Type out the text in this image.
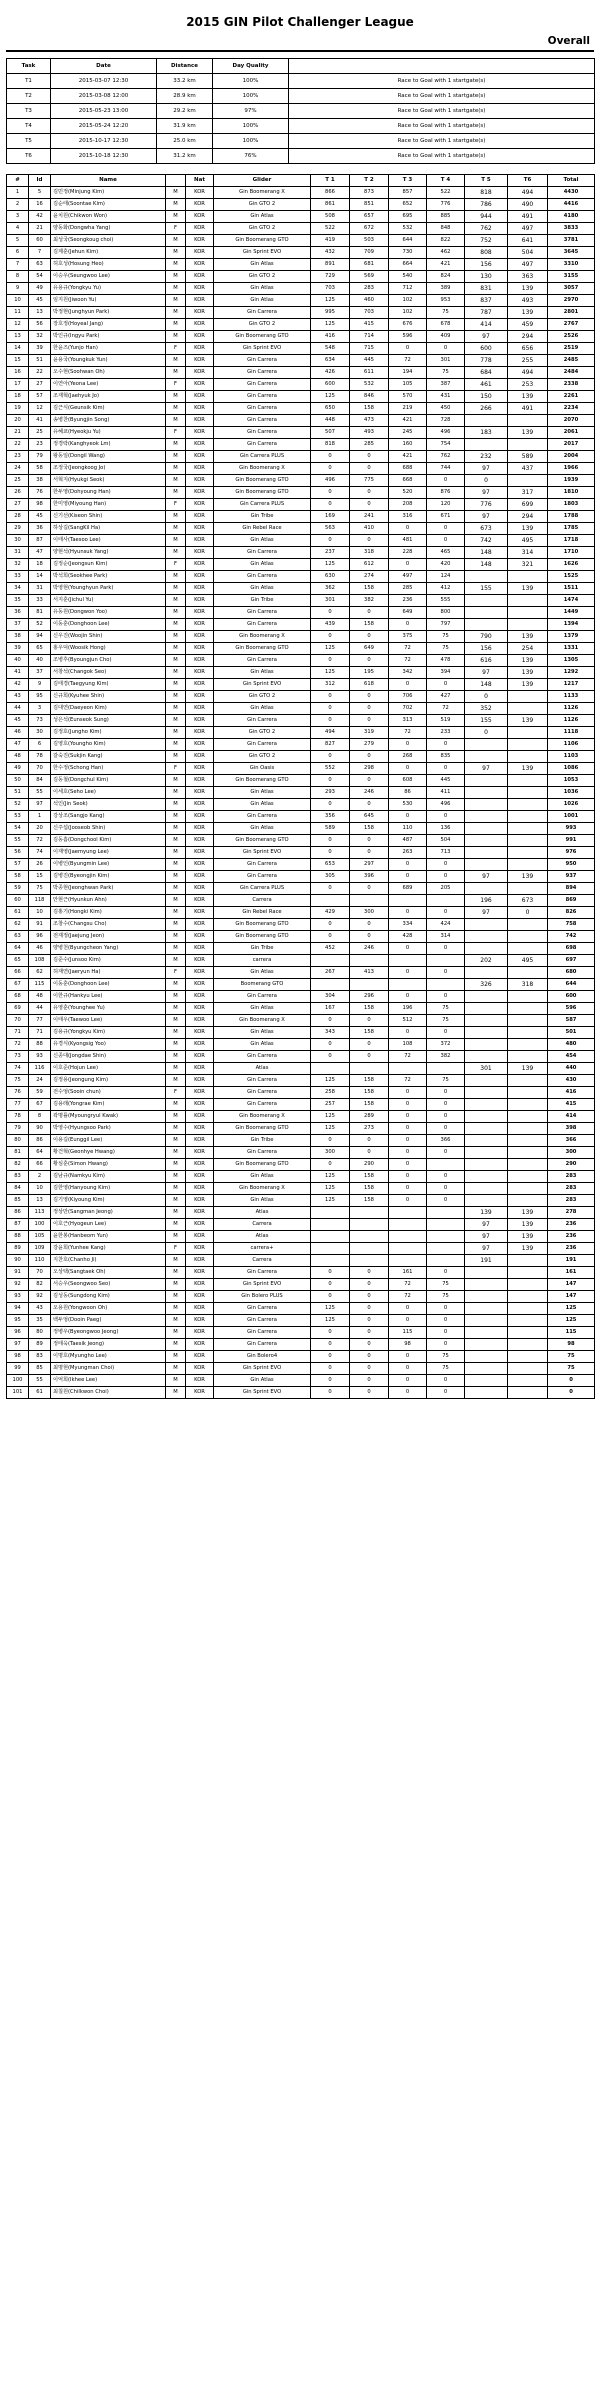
2015 GIN Pilot Challenger League
Overall
Task	Date	Distance	Day Quality	
T1	2015-03-07 12:30	33.2 km	100%	Race to Goal with 1 startgate(s)
T2	2015-03-08 12:00	28.9 km	100%	Race to Goal with 1 startgate(s)
T3	2015-05-23 13:00	29.2 km	97%	Race to Goal with 1 startgate(s)
T4	2015-05-24 12:20	31.9 km	100%	Race to Goal with 1 startgate(s)
T5	2015-10-17 12:30	25.0 km	100%	Race to Goal with 1 startgate(s)
T6	2015-10-18 12:30	31.2 km	76%	Race to Goal with 1 startgate(s)
#	Id	Name		Nat	Glider	T 1	T 2	T 3	T 4	T 5	T6	Total
1	5	김민정(Minjung Kim)	M	KOR	Gin Boomerang X	866	873	857	522	818	494	4430
2	16	김순태(Soontae Kim)	M	KOR	Gin GTO 2	861	851	652	776	786	490	4416
3	42	윤치원(Chikwon Won)	M	KOR	Gin Atlas	508	657	695	885	944	491	4180
4	21	양동화(Dongwha Yang)	F	KOR	Gin GTO 2	522	672	532	848	762	497	3833
5	60	최성국(Seongkoug choi)	M	KOR	Gin Boomerang GTO	419	503	644	822	752	641	3781
6	7	김제훈(Jehun Kim)	M	KOR	Gin Sprint EVO	432	709	730	462	808	504	3645
7	63	허호성(Hosung Heo)	M	KOR	Gin Atlas	891	681	664	421	156	497	3310
8	54	이승우(Seungwoo Lee)	M	KOR	Gin GTO 2	729	569	540	824	130	363	3155
9	49	유용규(Yongkyu Yu)	M	KOR	Gin Atlas	703	283	712	389	831	139	3057
10	45	임지원(Jiwoon Yu)	M	KOR	Gin Atlas	125	460	102	953	837	493	2970
11	13	박정현(Junghyun Park)	M	KOR	Gin Carrera	995	703	102	75	787	139	2801
12	56	장호정(Hoyeal Jang)	M	KOR	Gin GTO 2	125	415	676	678	414	459	2767
13	32	박인규(Ingyu Park)	M	KOR	Gin Boomerang GTO	416	714	596	409	97	294	2526
14	39	한윤즈(Yunjo Han)	F	KOR	Gin Sprint EVO	548	715	0	0	600	656	2519
15	51	윤용국(Youngkuk Yun)	M	KOR	Gin Carrera	634	445	72	301	778	255	2485
16	22	오수현(Soohwan Oh)	M	KOR	Gin Carrera	426	611	194	75	684	494	2484
17	27	이연아(Yeona Lee)	F	KOR	Gin Carrera	600	532	105	387	461	253	2338
18	57	조재혁(Jaehyuk Jo)	M	KOR	Gin Carrera	125	846	570	431	150	139	2261
19	12	김근식(Geunsik Kim)	M	KOR	Gin Carrera	650	158	219	450	266	491	2234
20	41	송병찬(Byungjin Song)	M	KOR	Gin Carrera	448	473	421	728			2070
21	25	유혜쿄(Hyeokju Yu)	F	KOR	Gin Carrera	507	493	245	496	183	139	2061
22	23	정경락(Kanghyeok Lm)	M	KOR	Gin Carrera	818	285	160	754			2017
23	79	왕동일(Dongil Wang)	M	KOR	Gin Carrera PLUS	0	0	421	762	232	589	2004
24	58	조정국(Jeongkoog Jo)	M	KOR	Gin Boomerang X	0	0	688	744	97	437	1966
25	38	서혁지(Hyukgi Seok)	M	KOR	Gin Boomerang GTO	496	775	668	0	0		1939
26	76	한두영(Dohyoung Han)	M	KOR	Gin Boomerang GTO	0	0	520	876	97	317	1810
27	98	한미영(Miyoung Han)	F	KOR	Gin Carrera PLUS	0	0	208	120	776	699	1803
28	45	신기선(Kiseon Shin)	M	KOR	Gin Tribe	169	241	316	671	97	294	1788
29	36	하상길(SangKil Ha)	M	KOR	Gin Rebel Race	563	410	0	0	673	139	1785
30	87	이태사(Taesoo Lee)	M	KOR	Gin Atlas	0	0	481	0	742	495	1718
31	47	양현석(Hyunsuk Yang)	M	KOR	Gin Carrera	237	318	228	465	148	314	1710
32	18	김정순(Jeongsun Kim)	F	KOR	Gin Atlas	125	612	0	420	148	321	1626
33	14	박석희(Seokhee Park)	M	KOR	Gin Carrera	630	274	497	124			1525
34	31	박영현(Younghyun Park)	M	KOR	Gin Atlas	362	158	285	412	155	139	1511
35	33	서지훈(Jichul Yu)	M	KOR	Gin Tribe	301	382	236	555			1474
36	81	유동원(Dongwon Yoo)	M	KOR	Gin Carrera	0	0	649	800			1449
37	52	이동훈(Donghoon Lee)	M	KOR	Gin Carrera	439	158	0	797			1394
38	94	신우진(Woojin Shin)	M	KOR	Gin Boomerang X	0	0	375	75	790	139	1379
39	65	홍우덕(Woosik Hong)	M	KOR	Gin Boomerang GTO	125	649	72	75	156	254	1331
40	40	조병후(Byoungjun Cho)	M	KOR	Gin Carrera	0	0	72	478	616	139	1305
41	37	서창석(Changok Seo)	M	KOR	Gin Atlas	125	195	342	394	97	139	1292
42	9	김태경(Taegyung Kim)	M	KOR	Gin Sprint EVO	312	618	0	0	148	139	1217
43	95	신규희(Kyuhee Shin)	M	KOR	Gin GTO 2	0	0	706	427	0		1133
44	3	김대연(Daeyeon Kim)	M	KOR	Gin Atlas	0	0	702	72	352		1126
45	73	성은석(Eunseok Sung)	M	KOR	Gin Carrera	0	0	313	519	155	139	1126
46	30	김정호(Jungho Kim)	M	KOR	Gin GTO 2	494	319	72	233	0		1118
47	6	김영호(Youngho Kim)	M	KOR	Gin Carrera	827	279	0	0			1106
48	78	갈숙진(Sukjin Kang)	M	KOR	Gin GTO 2	0	0	268	835			1103
49	70	한수정(Schong Han)	F	KOR	Gin Oasis	552	298	0	0	97	139	1086
50	84	김동철(Dongchul Kim)	M	KOR	Gin Boomerang GTO	0	0	608	445			1053
51	55	이세호(Seho Lee)	M	KOR	Gin Atlas	293	246	86	411			1036
52	97	석인(Jin Seok)	M	KOR	Gin Atlas	0	0	530	496			1026
53	1	강상조(Sangjo Kang)	M	KOR	Gin Carrera	356	645	0	0			1001
54	20	신주섭(Jooseob Shin)	M	KOR	Gin Atlas	589	158	110	136			993
55	72	김동흠(Dongchool Kim)	M	KOR	Gin Boomerang GTO	0	0	487	504			991
56	74	이재영(Jaemyung Lee)	M	KOR	Gin Sprint EVO	0	0	263	713			976
57	26	이병인(Byungmin Lee)	M	KOR	Gin Carrera	653	297	0	0			950
58	15	김병진(Byeongjin Kim)	M	KOR	Gin Carrera	305	396	0	0	97	139	937
59	75	박종현(Jeonghwan Park)	M	KOR	Gin Carrera PLUS	0	0	689	205			894
60	118	안현근(Hyunkun Ahn)	M	KOR	Carrera					196	673	869
61	10	김홍기(Hongki Kim)	M	KOR	Gin Rebel Race	429	300	0	0	97	0	826
62	91	조창수(Changsu Cho)	M	KOR	Gin Boomerang GTO	0	0	334	424			758
63	96	전재정(Jaejung Jeon)	M	KOR	Gin Boomerang GTO	0	0	428	314			742
64	46	양병천(Byungcheon Yang)	M	KOR	Gin Tribe	452	246	0	0			698
65	108	김준수(Junsoo Kim)	M	KOR	carrera					202	495	697
66	62	허재연(Jaeryun Ha)	F	KOR	Gin Atlas	267	413	0	0			680
67	115	이동훈(Donghoon Lee)	M	KOR	Boomerang GTO					326	318	644
68	48	이한규(Hankyu Lee)	M	KOR	Gin Carrera	304	296	0	0			600
69	44	유영훈(Younghee Yu)	M	KOR	Gin Atlas	167	158	196	75			596
70	77	이태우(Taewoo Lee)	M	KOR	Gin Boomerang X	0	0	512	75			587
71	71	김용규(Yongkyu Kim)	M	KOR	Gin Atlas	343	158	0	0			501
72	88	유경식(Kyongsig Yoo)	M	KOR	Gin Atlas	0	0	108	372			480
73	93	신종대(Jongdae Shin)	M	KOR	Gin Carrera	0	0	72	382			454
74	116	이호준(Hojun Lee)	M	KOR	Atlas					301	139	440
75	24	김정용(Jeongung Kim)	M	KOR	Gin Carrera	125	158	72	75			430
76	59	전수엉(Sooin chun)	F	KOR	Gin Carrera	258	158	0	0			416
77	67	김용래(Yongrae Kim)	M	KOR	Gin Carrera	257	158	0	0			415
78	8	곽명률(Myoungryul Kwak)	M	KOR	Gin Boomerang X	125	289	0	0			414
79	90	박영수(Hyungsoo Park)	M	KOR	Gin Boomerang GTO	125	273	0	0			398
80	86	이용길(Eunggil Lee)	M	KOR	Gin Tribe	0	0	0	366			366
81	64	황건혁(Geonhye Hwang)	M	KOR	Gin Carrera	300	0	0	0			300
82	66	황심훈(Simon Hwang)	M	KOR	Gin Boomerang GTO	0	290	0				290
83	2	김남규(Namkyu Kim)	M	KOR	Gin Atlas	125	158	0	0			283
84	10	김한영(Hanyoung Kim)	M	KOR	Gin Boomerang X	125	158	0	0			283
85	13	김기영(Kiyoung Kim)	M	KOR	Gin Atlas	125	158	0	0			283
86	113	정상만(Sangman Jeong)	M	KOR	Atlas					139	139	278
87	100	이호근(Hyogeun Lee)	M	KOR	Carrera					97	139	236
88	105	윤한봉(Hanbeom Yun)	M	KOR	Atlas					97	139	236
89	109	강윤희(Yunhee Kang)	F	KOR	carrera+					97	139	236
90	110	지찬호(Chanho Ji)	M	KOR	Carrera					191		191
91	70	오상택(Sangtaek Oh)	M	KOR	Gin Carrera	0	0	161	0			161
92	82	서승우(Seongwoo Seo)	M	KOR	Gin Sprint EVO	0	0	72	75			147
93	92	김성동(Sungdong Kim)	M	KOR	Gin Bolero PLUS	0	0	72	75			147
94	43	오용원(Yongwoon Oh)	M	KOR	Gin Carrera	125	0	0	0			125
95	35	백두엉(Dooin Paeg)	M	KOR	Gin Carrera	125	0	0	0			125
96	80	정병우(Byeongwoo Jeong)	M	KOR	Gin Carrera	0	0	115	0			115
97	89	정태욱(Taesik Jeong)	M	KOR	Gin Carrera	0	0	98	0			98
98	83	이명호(Myungho Lee)	M	KOR	Gin Bolero4	0	0	0	75			75
99	85	최명현(Myungman Choi)	M	KOR	Gin Sprint EVO	0	0	0	75			75
100	55	이억희(Ikhee Lee)	M	KOR	Gin Atlas	0	0	0	0			0
101	61	최칠원(Chilkwon Choi)	M	KOR	Gin Sprint EVO	0	0	0	0			0
